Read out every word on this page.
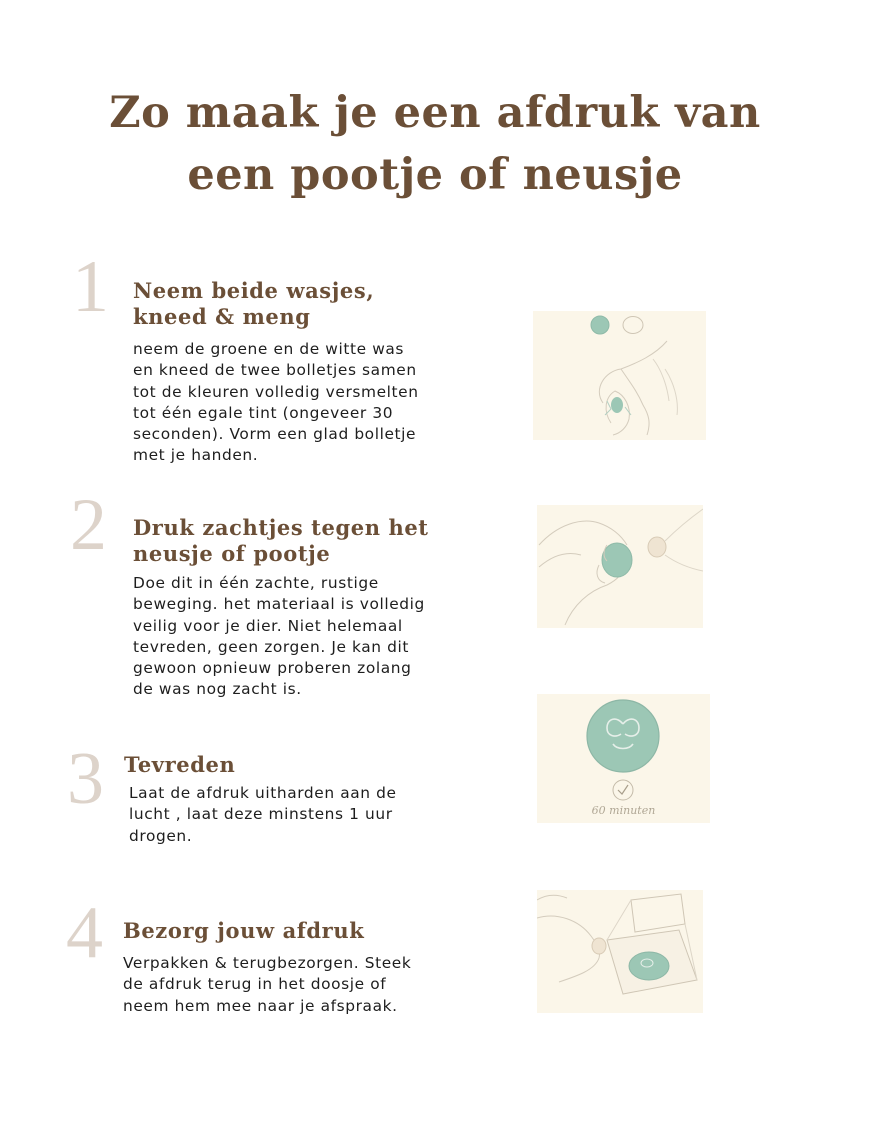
Zo maak je een afdruk van
een pootje of neusje
1 Neem beide wasjes,
kneed & meng
neem de groene en de witte was
en kneed de twee bolletjes samen
tot de kleuren volledig versmelten
tot één egale tint (ongeveer 30
seconden). Vorm een glad bolletje
met je handen.
2 Druk zachtjes tegen het
neusje of pootje
Doe dit in één zachte, rustige
beweging. het materiaal is volledig
veilig voor je dier. Niet helemaal
tevreden, geen zorgen. Je kan dit
gewoon opnieuw proberen zolang
de was nog zacht is.
3 Tevreden
Laat de afdruk uitharden aan de
lucht , laat deze minstens 1 uur
drogen.
60 minuten
4 Bezorg jouw afdruk
Verpakken & terugbezorgen. Steek
de afdruk terug in het doosje of
neem hem mee naar je afspraak.
